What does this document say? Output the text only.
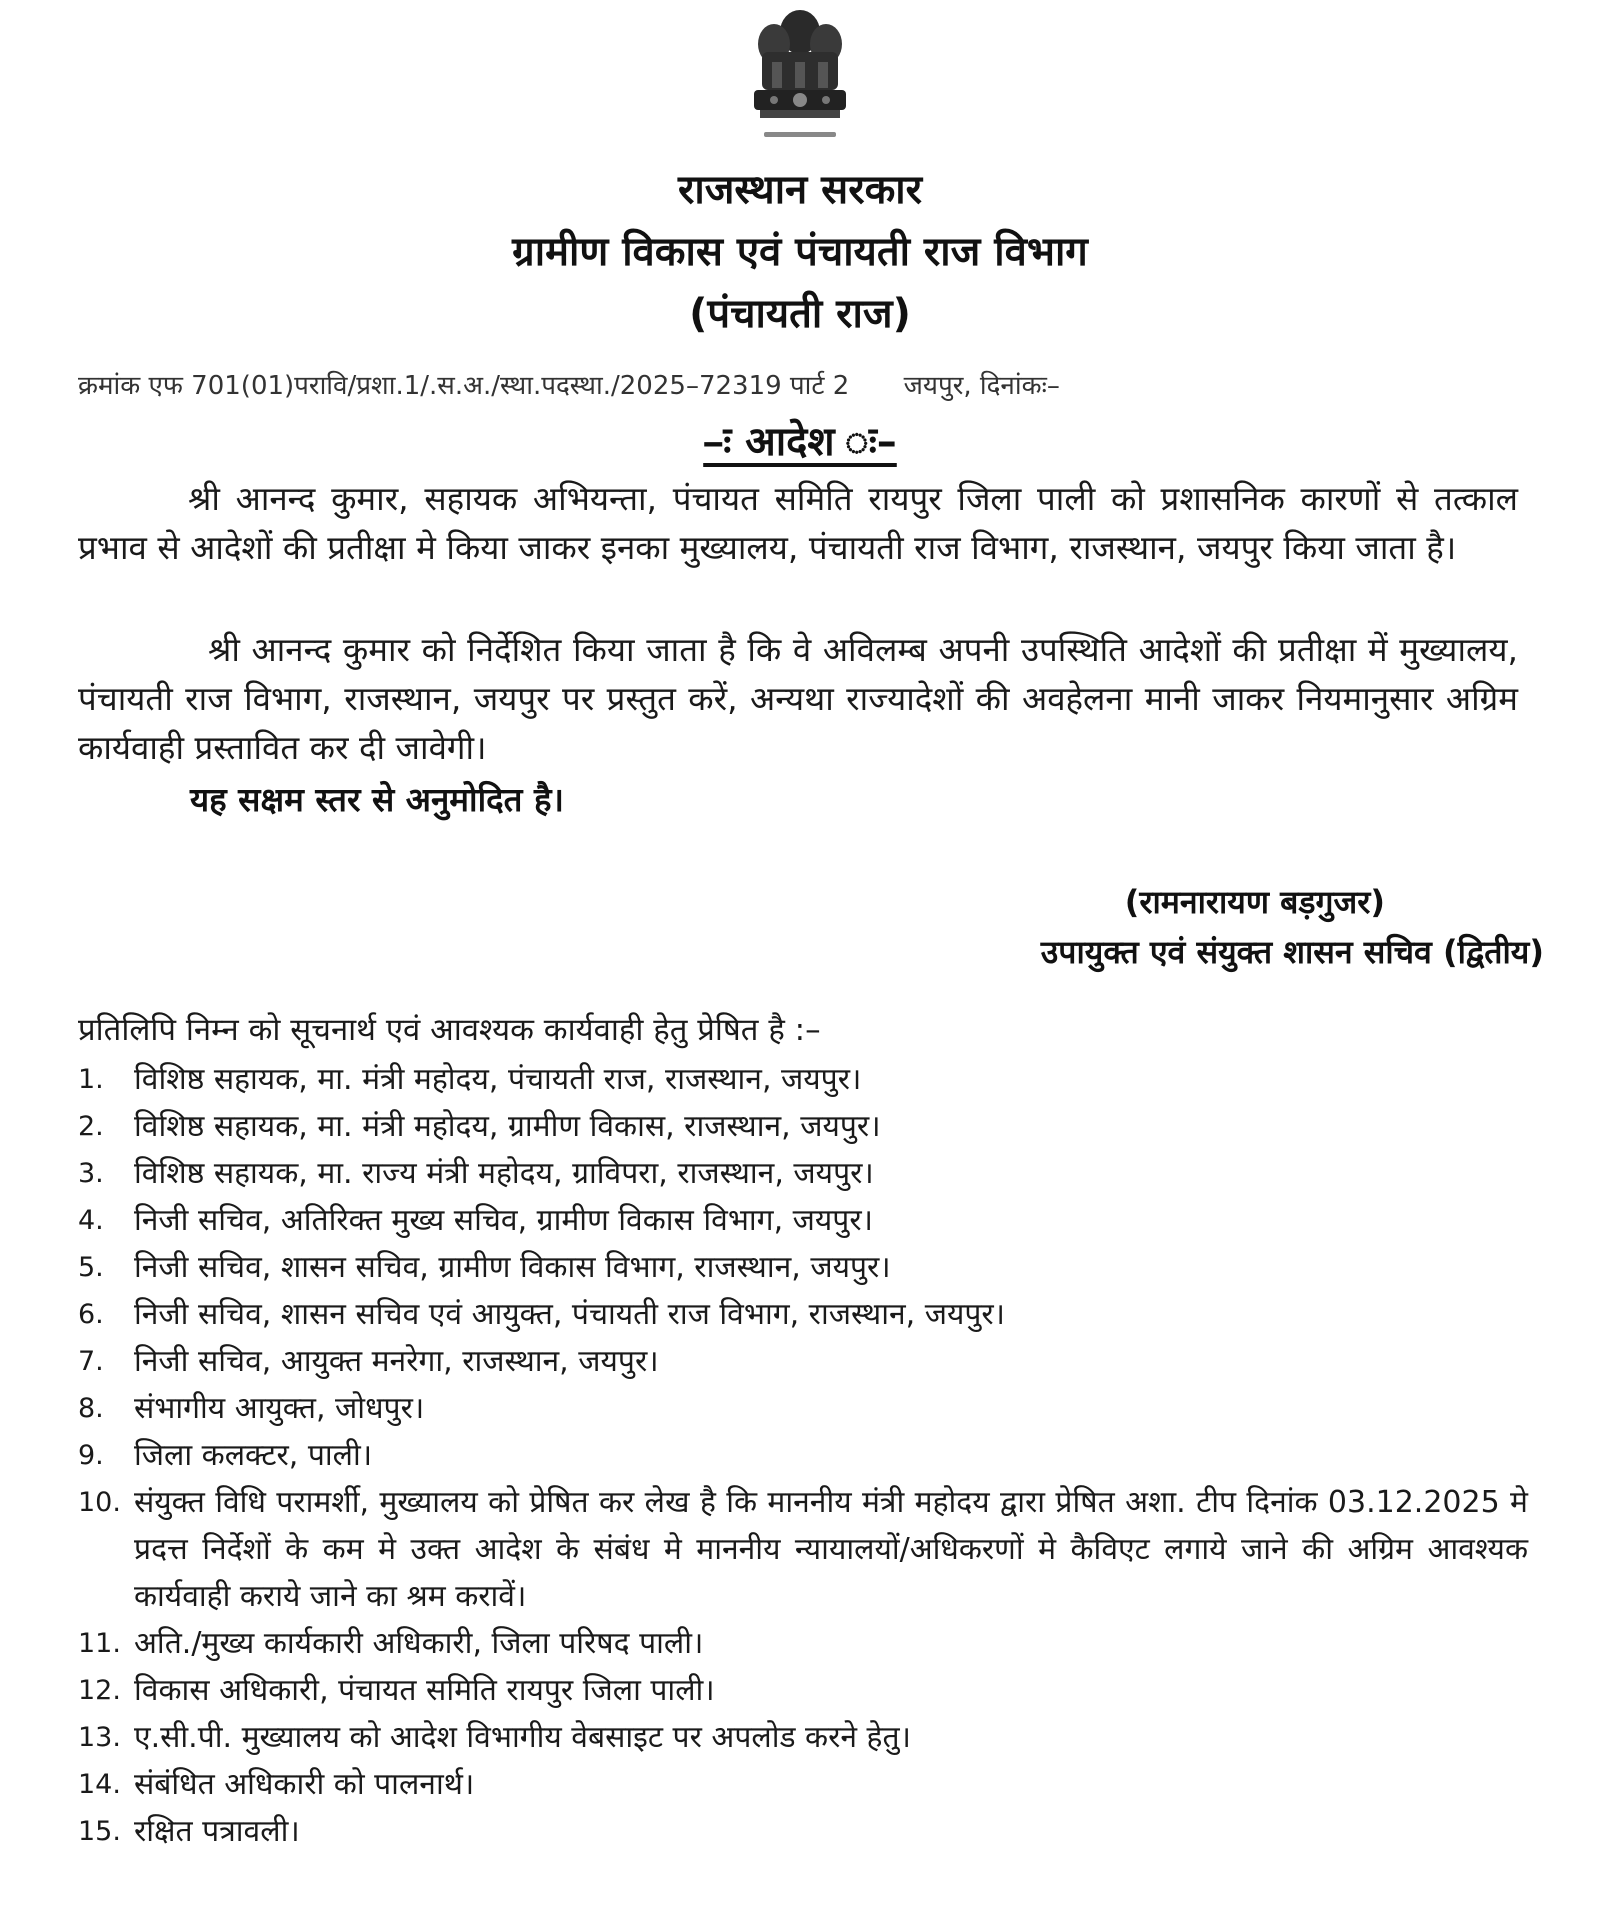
राजस्थान सरकार
ग्रामीण विकास एवं पंचायती राज विभाग
(पंचायती राज)
क्रमांक एफ 701(01)परावि/प्रशा.1/.स.अ./स्था.पदस्था./2025–72319 पार्ट 2 जयपुर, दिनांकः–
–ः आदेश ः–
श्री आनन्द कुमार, सहायक अभियन्ता, पंचायत समिति रायपुर जिला पाली को प्रशासनिक कारणों से तत्काल प्रभाव से आदेशों की प्रतीक्षा मे किया जाकर इनका मुख्यालय, पंचायती राज विभाग, राजस्थान, जयपुर किया जाता है।
श्री आनन्द कुमार को निर्देशित किया जाता है कि वे अविलम्ब अपनी उपस्थिति आदेशों की प्रतीक्षा में मुख्यालय, पंचायती राज विभाग, राजस्थान, जयपुर पर प्रस्तुत करें, अन्यथा राज्यादेशों की अवहेलना मानी जाकर नियमानुसार अग्रिम कार्यवाही प्रस्तावित कर दी जावेगी।
यह सक्षम स्तर से अनुमोदित है।
(रामनारायण बड़गुजर)
उपायुक्त एवं संयुक्त शासन सचिव (द्वितीय)
प्रतिलिपि निम्न को सूचनार्थ एवं आवश्यक कार्यवाही हेतु प्रेषित है :–
1.	विशिष्ठ सहायक, मा. मंत्री महोदय, पंचायती राज, राजस्थान, जयपुर।
2.	विशिष्ठ सहायक, मा. मंत्री महोदय, ग्रामीण विकास, राजस्थान, जयपुर।
3.	विशिष्ठ सहायक, मा. राज्य मंत्री महोदय, ग्राविपरा, राजस्थान, जयपुर।
4.	निजी सचिव, अतिरिक्त मुख्य सचिव, ग्रामीण विकास विभाग, जयपुर।
5.	निजी सचिव, शासन सचिव, ग्रामीण विकास विभाग, राजस्थान, जयपुर।
6.	निजी सचिव, शासन सचिव एवं आयुक्त, पंचायती राज विभाग, राजस्थान, जयपुर।
7.	निजी सचिव, आयुक्त मनरेगा, राजस्थान, जयपुर।
8.	संभागीय आयुक्त, जोधपुर।
9.	जिला कलक्टर, पाली।
10. संयुक्त विधि परामर्शी, मुख्यालय को प्रेषित कर लेख है कि माननीय मंत्री महोदय द्वारा प्रेषित अशा. टीप दिनांक 03.12.2025 मे प्रदत्त निर्देशों के कम मे उक्त आदेश के संबंध मे माननीय न्यायालयों/अधिकरणों मे कैविएट लगाये जाने की अग्रिम आवश्यक कार्यवाही कराये जाने का श्रम करावें।
11. अति./मुख्य कार्यकारी अधिकारी, जिला परिषद पाली।
12. विकास अधिकारी, पंचायत समिति रायपुर जिला पाली।
13. ए.सी.पी. मुख्यालय को आदेश विभागीय वेबसाइट पर अपलोड करने हेतु।
14. संबंधित अधिकारी को पालनार्थ।
15. रक्षित पत्रावली।
